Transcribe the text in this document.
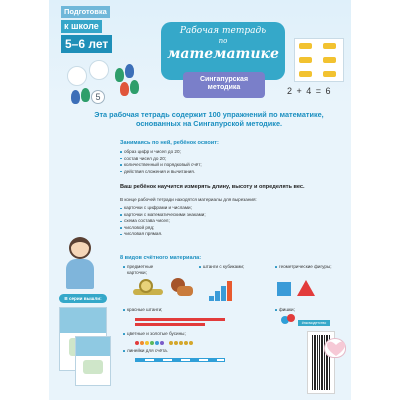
Подготовка
к школе
5–6 лет
5
Рабочая тетрадь
по
математике
Сингапурская
методика	2 + 4 = 6
Эта рабочая тетрадь содержит 100 упражнений по математике,
основанных на Сингапурской методике.
Занимаясь по ней, ребёнок освоит:
образ цифр и чисел до 20;
состав чисел до 20;
количественный и порядковый счёт;
действия сложения и вычитания.
Ваш ребёнок научится измерять длину, высоту и определять вес.
В конце рабочей тетради находятся материалы для вырезания:
карточки с цифрами и числами;
карточки с математическими знаками;
схема состава чисел;
числовой ряд;
числовая прямая.
В серии вышли:
8 видов счётного материала:
предметные
карточки;
штанги с кубиками;	геометрические фигуры;
красные штанги;	фишки;
цветные и золотые бусины;
линейки для счёта.
#эксмодетство
